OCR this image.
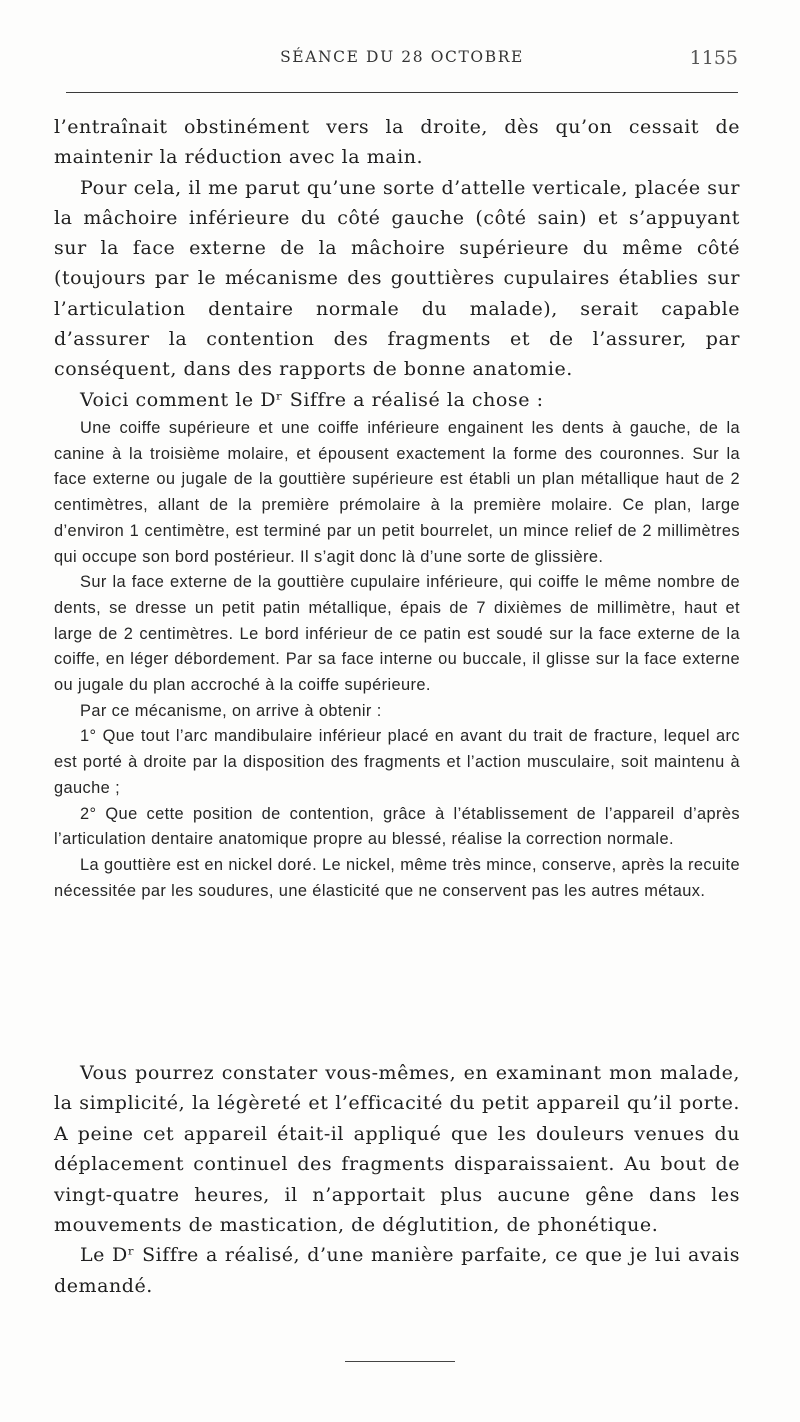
SÉANCE DU 28 OCTOBRE	1155

l’entraînait obstinément vers la droite, dès qu’on cessait de maintenir la réduction avec la main.

Pour cela, il me parut qu’une sorte d’attelle verticale, placée sur la mâchoire inférieure du côté gauche (côté sain) et s’appuyant sur la face externe de la mâchoire supérieure du même côté (toujours par le mécanisme des gouttières cupulaires établies sur l’articulation dentaire normale du malade), serait capable d’assurer la contention des fragments et de l’assurer, par conséquent, dans des rapports de bonne anatomie.

Voici comment le Dʳ Siffre a réalisé la chose :

Une coiffe supérieure et une coiffe inférieure engainent les dents à gauche, de la canine à la troisième molaire, et épousent exactement la forme des couronnes. Sur la face externe ou jugale de la gouttière supérieure est établi un plan métallique haut de 2 centimètres, allant de la première prémolaire à la première molaire. Ce plan, large d’environ 1 centimètre, est terminé par un petit bourrelet, un mince relief de 2 millimètres qui occupe son bord postérieur. Il s’agit donc là d’une sorte de glissière.

Sur la face externe de la gouttière cupulaire inférieure, qui coiffe le même nombre de dents, se dresse un petit patin métallique, épais de 7 dixièmes de millimètre, haut et large de 2 centimètres. Le bord inférieur de ce patin est soudé sur la face externe de la coiffe, en léger débordement. Par sa face interne ou buccale, il glisse sur la face externe ou jugale du plan accroché à la coiffe supérieure.

Par ce mécanisme, on arrive à obtenir :

1° Que tout l’arc mandibulaire inférieur placé en avant du trait de fracture, lequel arc est porté à droite par la disposition des fragments et l’action musculaire, soit maintenu à gauche ;

2° Que cette position de contention, grâce à l’établissement de l’appareil d’après l’articulation dentaire anatomique propre au blessé, réalise la correction normale.

La gouttière est en nickel doré. Le nickel, même très mince, conserve, après la recuite nécessitée par les soudures, une élasticité que ne conservent pas les autres métaux.

Vous pourrez constater vous-mêmes, en examinant mon malade, la simplicité, la légèreté et l’efficacité du petit appareil qu’il porte. A peine cet appareil était-il appliqué que les douleurs venues du déplacement continuel des fragments disparaissaient. Au bout de vingt-quatre heures, il n’apportait plus aucune gêne dans les mouvements de mastication, de déglutition, de phonétique.

Le Dʳ Siffre a réalisé, d’une manière parfaite, ce que je lui avais demandé.
